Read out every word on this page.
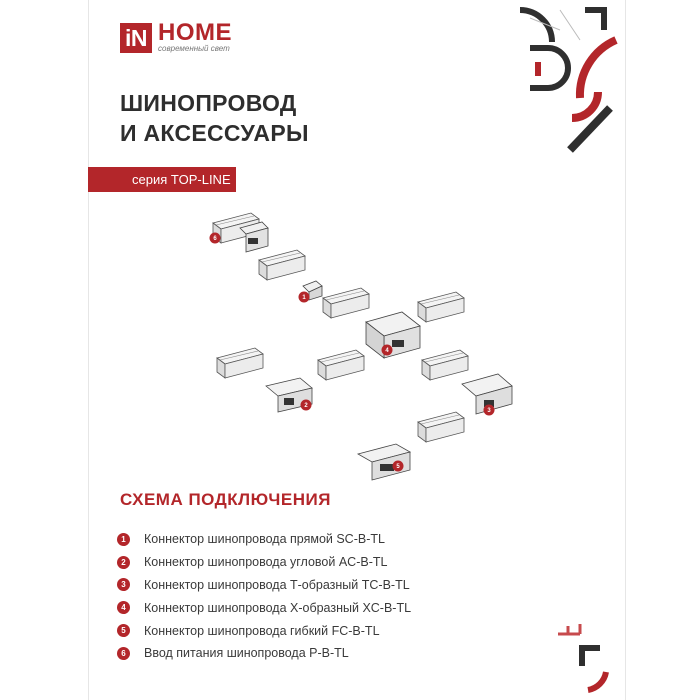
iN HOME
современный свет
ШИНОПРОВОД
И АКСЕССУАРЫ
серия TOP-LINE
6
1
4
2
3
5
СХЕМА ПОДКЛЮЧЕНИЯ
1	Коннектор шинопровода прямой SC-B-TL
2	Коннектор шинопровода угловой AC-B-TL
3	Коннектор шинопровода Т-образный TC-B-TL
4	Коннектор шинопровода X-образный XC-B-TL
5	Коннектор шинопровода гибкий FC-B-TL
6	Ввод питания шинопровода P-B-TL
